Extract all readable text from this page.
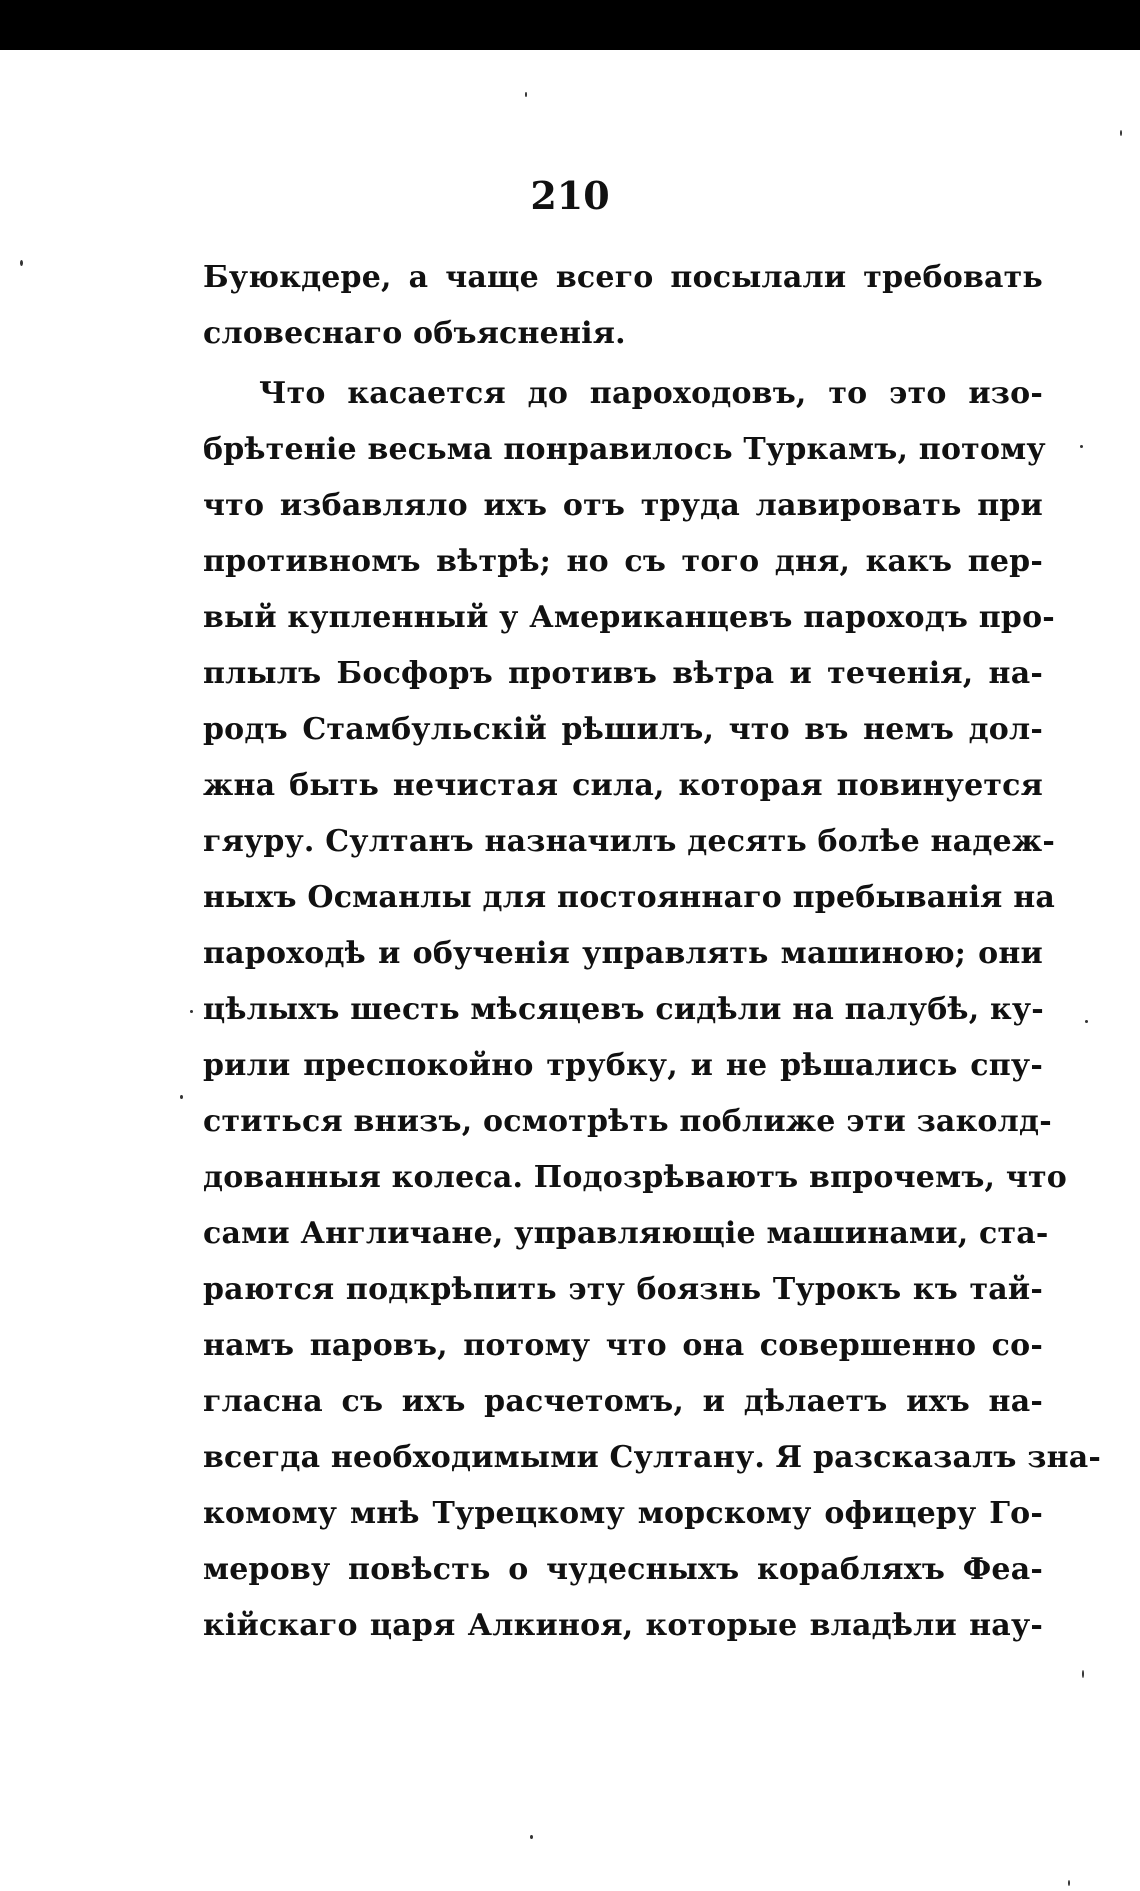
210
Буюкдере, а чаще всего посылали требовать
словеснаго объясненія.
Что касается до пароходовъ, то это изо-
брѣтеніе весьма понравилось Туркамъ, потому
что избавляло ихъ отъ труда лавировать при
противномъ вѣтрѣ; но съ того дня, какъ пер-
вый купленный у Американцевъ пароходъ про-
плылъ Босфоръ противъ вѣтра и теченія, на-
родъ Стамбульскій рѣшилъ, что въ немъ дол-
жна быть нечистая сила, которая повинуется
гяуру. Султанъ назначилъ десять болѣе надеж-
ныхъ Османлы для постояннаго пребыванія на
пароходѣ и обученія управлять машиною; они
цѣлыхъ шесть мѣсяцевъ сидѣли на палубѣ, ку-
рили преспокойно трубку, и не рѣшались спу-
ститься внизъ, осмотрѣть поближе эти заколд-
дованныя колеса. Подозрѣваютъ впрочемъ, что
сами Англичане, управляющіе машинами, ста-
раются подкрѣпить эту боязнь Турокъ къ тай-
намъ паровъ, потому что она совершенно со-
гласна съ ихъ расчетомъ, и дѣлаетъ ихъ на-
всегда необходимыми Султану. Я разсказалъ зна-
комому мнѣ Турецкому морскому офицеру Го-
мерову повѣсть о чудесныхъ корабляхъ Феа-
кійскаго царя Алкиноя, которые владѣли нау-
